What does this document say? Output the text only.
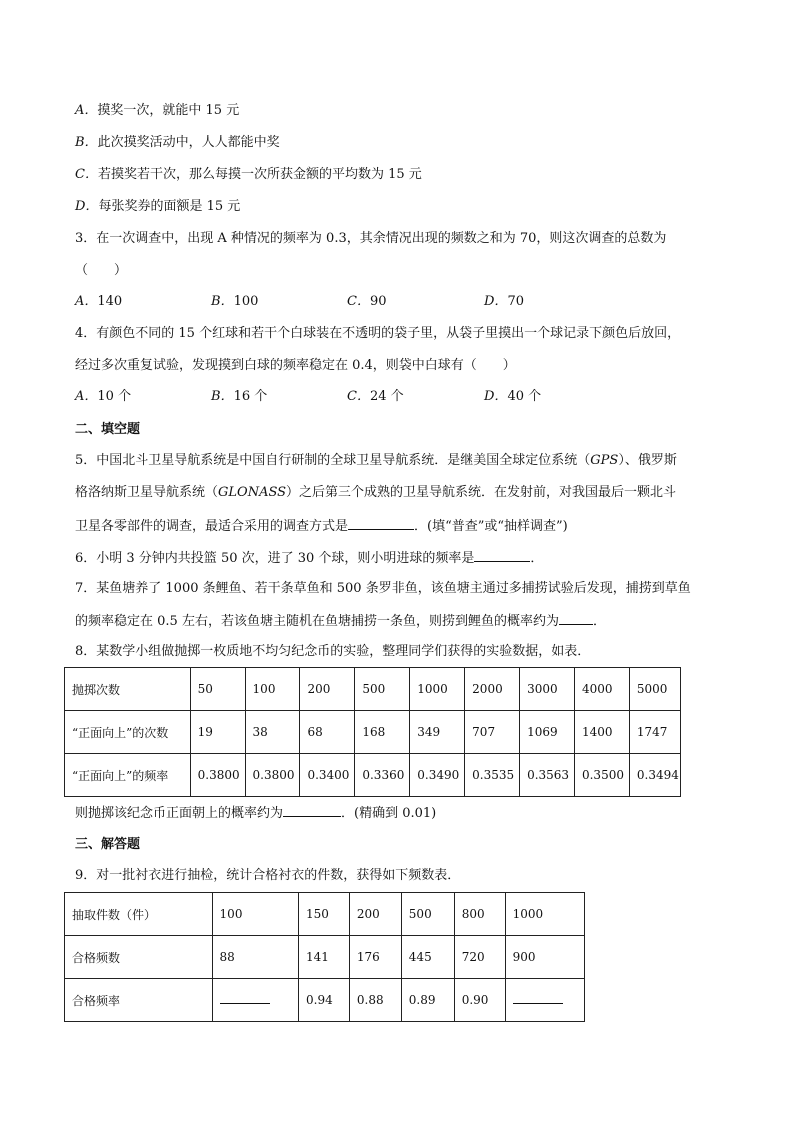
A．摸奖一次，就能中 15 元
B．此次摸奖活动中，人人都能中奖
C．若摸奖若干次，那么每摸一次所获金额的平均数为 15 元
D．每张奖券的面额是 15 元
3．在一次调查中，出现 A 种情况的频率为 0.3，其余情况出现的频数之和为 70，则这次调查的总数为
（　　）
A．140	B．100	C．90	D．70
4．有颜色不同的 15 个红球和若干个白球装在不透明的袋子里，从袋子里摸出一个球记录下颜色后放回，
经过多次重复试验，发现摸到白球的频率稳定在 0.4，则袋中白球有（　　）
A．10 个	B．16 个	C．24 个	D．40 个
二、填空题
5．中国北斗卫星导航系统是中国自行研制的全球卫星导航系统．是继美国全球定位系统（GPS）、俄罗斯
格洛纳斯卫星导航系统（GLONASS）之后第三个成熟的卫星导航系统．在发射前，对我国最后一颗北斗
卫星各零部件的调查，最适合采用的调查方式是	．(填“普查”或“抽样调查”)
6．小明 3 分钟内共投篮 50 次，进了 30 个球，则小明进球的频率是	．
7．某鱼塘养了 1000 条鲤鱼、若干条草鱼和 500 条罗非鱼，该鱼塘主通过多捕捞试验后发现，捕捞到草鱼
的频率稳定在 0.5 左右，若该鱼塘主随机在鱼塘捕捞一条鱼，则捞到鲤鱼的概率约为	．
8．某数学小组做抛掷一枚质地不均匀纪念币的实验，整理同学们获得的实验数据，如表．
抛掷次数	50	100	200	500	1000	2000	3000	4000	5000
“正面向上”的次数	19	38	68	168	349	707	1069	1400	1747
“正面向上”的频率	0.3800	0.3800	0.3400	0.3360	0.3490	0.3535	0.3563	0.3500	0.3494
则抛掷该纪念币正面朝上的概率约为	．(精确到 0.01)
三、解答题
9．对一批衬衣进行抽检，统计合格衬衣的件数，获得如下频数表．
抽取件数（件）	100	150	200	500	800	1000
合格频数	88	141	176	445	720	900
合格频率		0.94	0.88	0.89	0.90	
